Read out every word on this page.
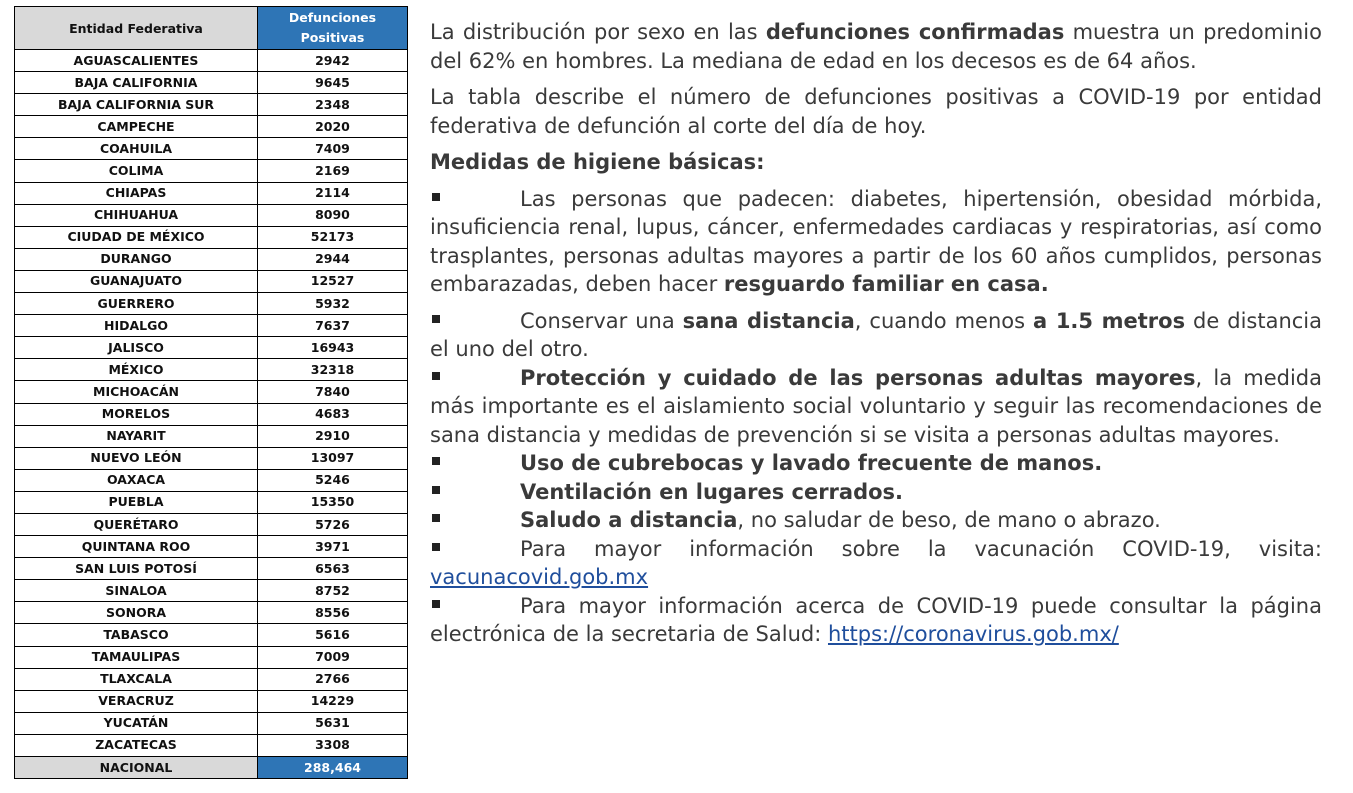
Entidad Federativa	Defunciones
Positivas

AGUASCALIENTES	2942
BAJA CALIFORNIA	9645
BAJA CALIFORNIA SUR	2348
CAMPECHE	2020
COAHUILA	7409
COLIMA	2169
CHIAPAS	2114
CHIHUAHUA	8090
CIUDAD DE MÉXICO	52173
DURANGO	2944
GUANAJUATO	12527
GUERRERO	5932
HIDALGO	7637
JALISCO	16943
MÉXICO	32318
MICHOACÁN	7840
MORELOS	4683
NAYARIT	2910
NUEVO LEÓN	13097
OAXACA	5246
PUEBLA	15350
QUERÉTARO	5726
QUINTANA ROO	3971
SAN LUIS POTOSÍ	6563
SINALOA	8752
SONORA	8556
TABASCO	5616
TAMAULIPAS	7009
TLAXCALA	2766
VERACRUZ	14229
YUCATÁN	5631
ZACATECAS	3308
NACIONAL	288,464

La distribución por sexo en las defunciones confirmadas muestra un predominio del 62% en hombres. La mediana de edad en los decesos es de 64 años.

La tabla describe el número de defunciones positivas a COVID-19 por entidad federativa de defunción al corte del día de hoy.

Medidas de higiene básicas:

Las personas que padecen: diabetes, hipertensión, obesidad mórbida, insuficiencia renal, lupus, cáncer, enfermedades cardiacas y respiratorias, así como trasplantes, personas adultas mayores a partir de los 60 años cumplidos, personas embarazadas, deben hacer resguardo familiar en casa.

Conservar una sana distancia, cuando menos a 1.5 metros de distancia el uno del otro.

Protección y cuidado de las personas adultas mayores, la medida más importante es el aislamiento social voluntario y seguir las recomendaciones de sana distancia y medidas de prevención si se visita a personas adultas mayores.

Uso de cubrebocas y lavado frecuente de manos.

Ventilación en lugares cerrados.

Saludo a distancia, no saludar de beso, de mano o abrazo.

Para mayor información sobre la vacunación COVID-19, visita: vacunacovid.gob.mx

Para mayor información acerca de COVID-19 puede consultar la página electrónica de la secretaria de Salud: https://coronavirus.gob.mx/
